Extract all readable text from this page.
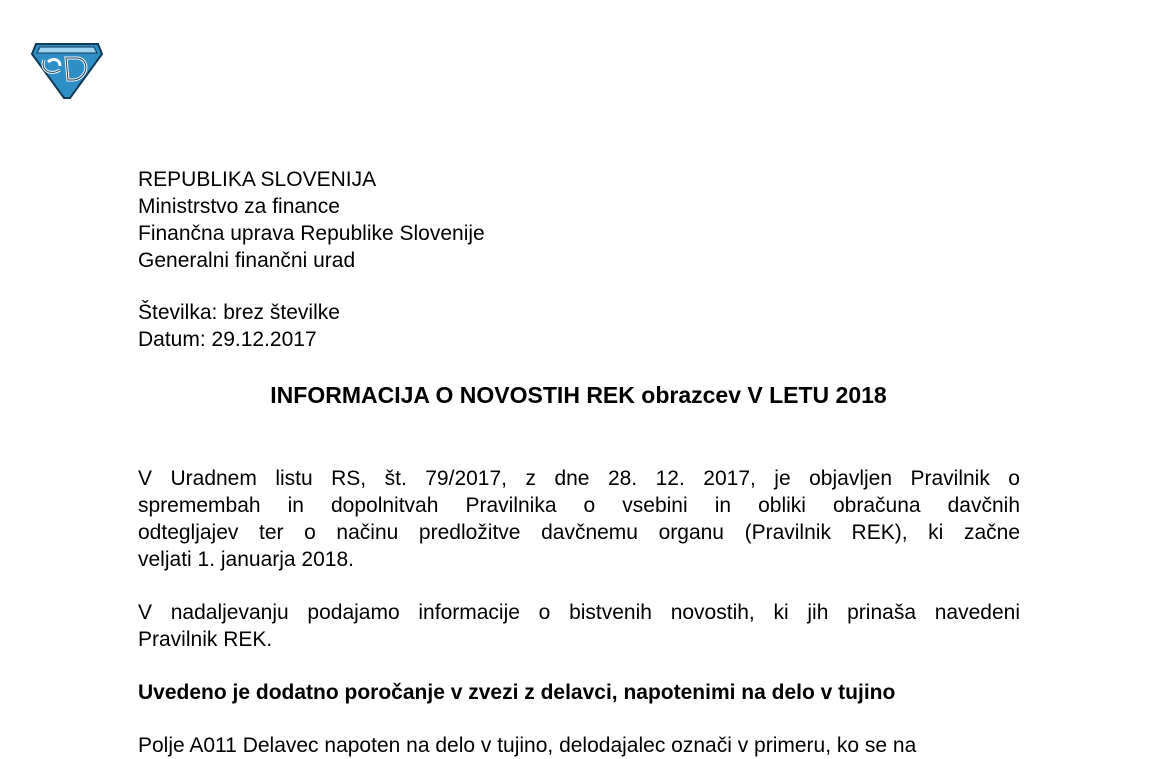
REPUBLIKA SLOVENIJA
Ministrstvo za finance
Finančna uprava Republike Slovenije
Generalni finančni urad
Številka: brez številke
Datum: 29.12.2017
INFORMACIJA O NOVOSTIH REK obrazcev V LETU 2018
V Uradnem listu RS, št. 79/2017, z dne 28. 12. 2017, je objavljen Pravilnik o
spremembah in dopolnitvah Pravilnika o vsebini in obliki obračuna davčnih
odtegljajev ter o načinu predložitve davčnemu organu (Pravilnik REK), ki začne
veljati 1. januarja 2018.
V nadaljevanju podajamo informacije o bistvenih novostih, ki jih prinaša navedeni
Pravilnik REK.
Uvedeno je dodatno poročanje v zvezi z delavci, napotenimi na delo v tujino
Polje A011 Delavec napoten na delo v tujino, delodajalec označi v primeru, ko se na
